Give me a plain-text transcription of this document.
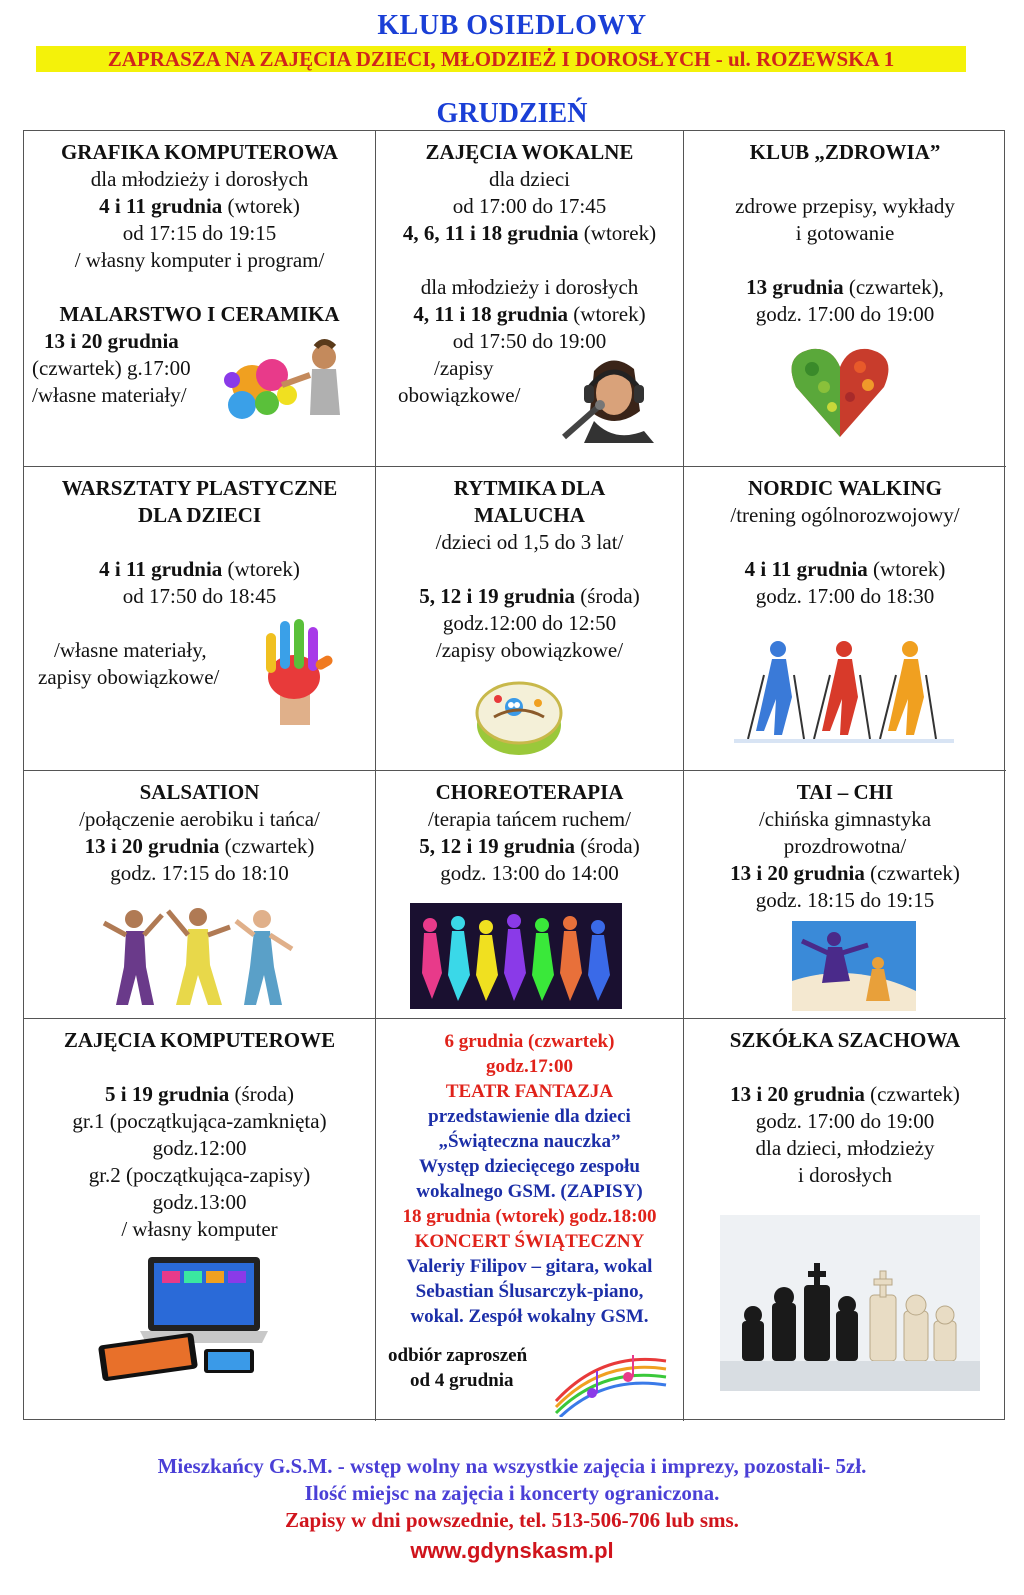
KLUB OSIEDLOWY
ZAPRASZA NA ZAJĘCIA DZIECI, MŁODZIEŻ I DOROSŁYCH - ul. ROZEWSKA 1
GRUDZIEŃ
GRAFIKA KOMPUTEROWA
dla młodzieży i dorosłych
4 i 11 grudnia (wtorek)
od 17:15 do 19:15
/ własny komputer i program/
MALARSTWO I CERAMIKA
13 i 20 grudnia
(czwartek) g.17:00
/własne materiały/
ZAJĘCIA WOKALNE
dla dzieci
od 17:00 do 17:45
4, 6, 11 i 18 grudnia (wtorek)
dla młodzieży i dorosłych
4, 11 i 18 grudnia (wtorek)
od 17:50 do 19:00
/zapisy
obowiązkowe/
KLUB „ZDROWIA”
zdrowe przepisy, wykłady
i gotowanie
13 grudnia (czwartek),
godz. 17:00 do 19:00
WARSZTATY PLASTYCZNE
DLA DZIECI
4 i 11 grudnia (wtorek)
od 17:50 do 18:45
/własne materiały,
zapisy obowiązkowe/
RYTMIKA DLA
MALUCHA
/dzieci od 1,5 do 3 lat/
5, 12 i 19 grudnia (środa)
godz.12:00 do 12:50
/zapisy obowiązkowe/
NORDIC WALKING
/trening ogólnorozwojowy/
4 i 11 grudnia (wtorek)
godz. 17:00 do 18:30
SALSATION
/połączenie aerobiku i tańca/
13 i 20 grudnia (czwartek)
godz. 17:15 do 18:10
CHOREOTERAPIA
/terapia tańcem ruchem/
5, 12 i 19 grudnia (środa)
godz. 13:00 do 14:00
TAI – CHI
/chińska gimnastyka
prozdrowotna/
13 i 20 grudnia (czwartek)
godz. 18:15 do 19:15
ZAJĘCIA KOMPUTEROWE
5 i 19 grudnia (środa)
gr.1 (początkująca-zamknięta)
godz.12:00
gr.2 (początkująca-zapisy)
godz.13:00
/ własny komputer
6 grudnia (czwartek)
godz.17:00
TEATR FANTAZJA
przedstawienie dla dzieci
„Świąteczna nauczka”
Występ dziecięcego zespołu
wokalnego GSM. (ZAPISY)
18 grudnia (wtorek) godz.18:00
KONCERT ŚWIĄTECZNY
Valeriy Filipov – gitara, wokal
Sebastian Ślusarczyk-piano,
wokal. Zespół wokalny GSM.
odbiór zaproszeń
od 4 grudnia
SZKÓŁKA SZACHOWA
13 i 20 grudnia (czwartek)
godz. 17:00 do 19:00
dla dzieci, młodzieży
i dorosłych
Mieszkańcy G.S.M. - wstęp wolny na wszystkie zajęcia i imprezy, pozostali- 5zł.
Ilość miejsc na zajęcia i koncerty ograniczona.
Zapisy w dni powszednie, tel. 513-506-706 lub sms.
www.gdynskasm.pl
